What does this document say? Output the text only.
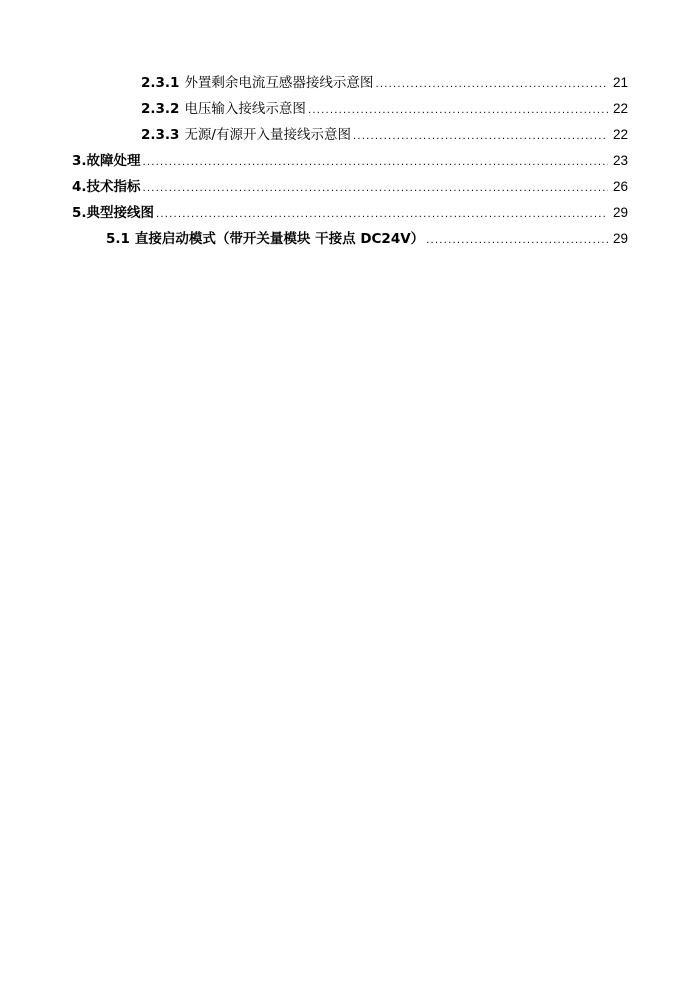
2.3.1 外置剩余电流互感器接线示意图 .....	21
2.3.2 电压输入接线示意图 .....	22
2.3.3 无源/有源开入量接线示意图 .....	22
3. 故障处理 .....	23
4. 技术指标 .....	26
5. 典型接线图 .....	29
5.1 直接启动模式（带开关量模块 干接点 DC24V） .....	29
